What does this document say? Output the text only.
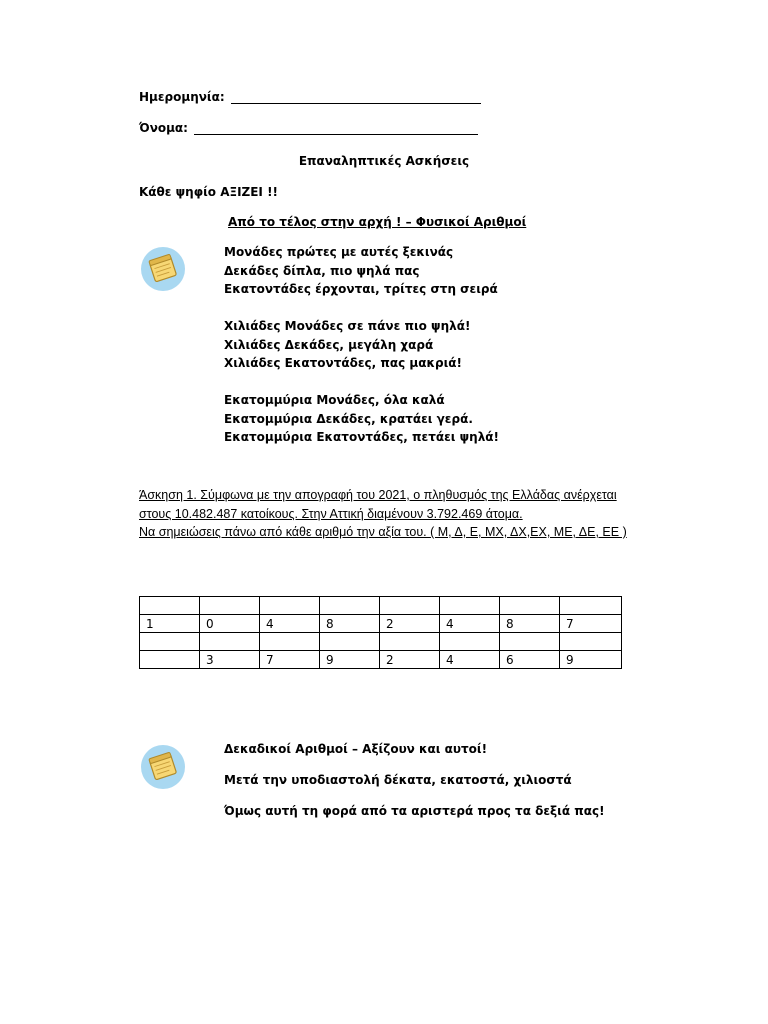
Ημερομηνία:
Όνομα:
Επαναληπτικές Ασκήσεις
Κάθε ψηφίο ΑΞΙΖΕΙ !!
Από το τέλος στην αρχή ! – Φυσικοί Αριθμοί
Μονάδες πρώτες με αυτές ξεκινάς
Δεκάδες δίπλα, πιο ψηλά πας
Εκατοντάδες έρχονται, τρίτες στη σειρά
Χιλιάδες Μονάδες σε πάνε πιο ψηλά!
Χιλιάδες Δεκάδες, μεγάλη χαρά
Χιλιάδες Εκατοντάδες, πας μακριά!
Εκατομμύρια Μονάδες, όλα καλά
Εκατομμύρια Δεκάδες, κρατάει γερά.
Εκατομμύρια Εκατοντάδες, πετάει ψηλά!
Άσκηση 1. Σύμφωνα με την απογραφή του 2021, ο πληθυσμός της Ελλάδας ανέρχεται
στους 10.482.487 κατοίκους. Στην Αττική διαμένουν 3.792.469 άτομα.
Να σημειώσεις πάνω από κάθε αριθμό την αξία του. ( Μ, Δ, Ε, ΜΧ, ΔΧ,ΕΧ, ΜΕ, ΔΕ, ΕΕ )

1	0	4	8	2	4	8	7

	3	7	9	2	4	6	9
Δεκαδικοί Αριθμοί – Αξίζουν και αυτοί!
Μετά την υποδιαστολή δέκατα, εκατοστά, χιλιοστά
Όμως αυτή τη φορά από τα αριστερά προς τα δεξιά πας!
